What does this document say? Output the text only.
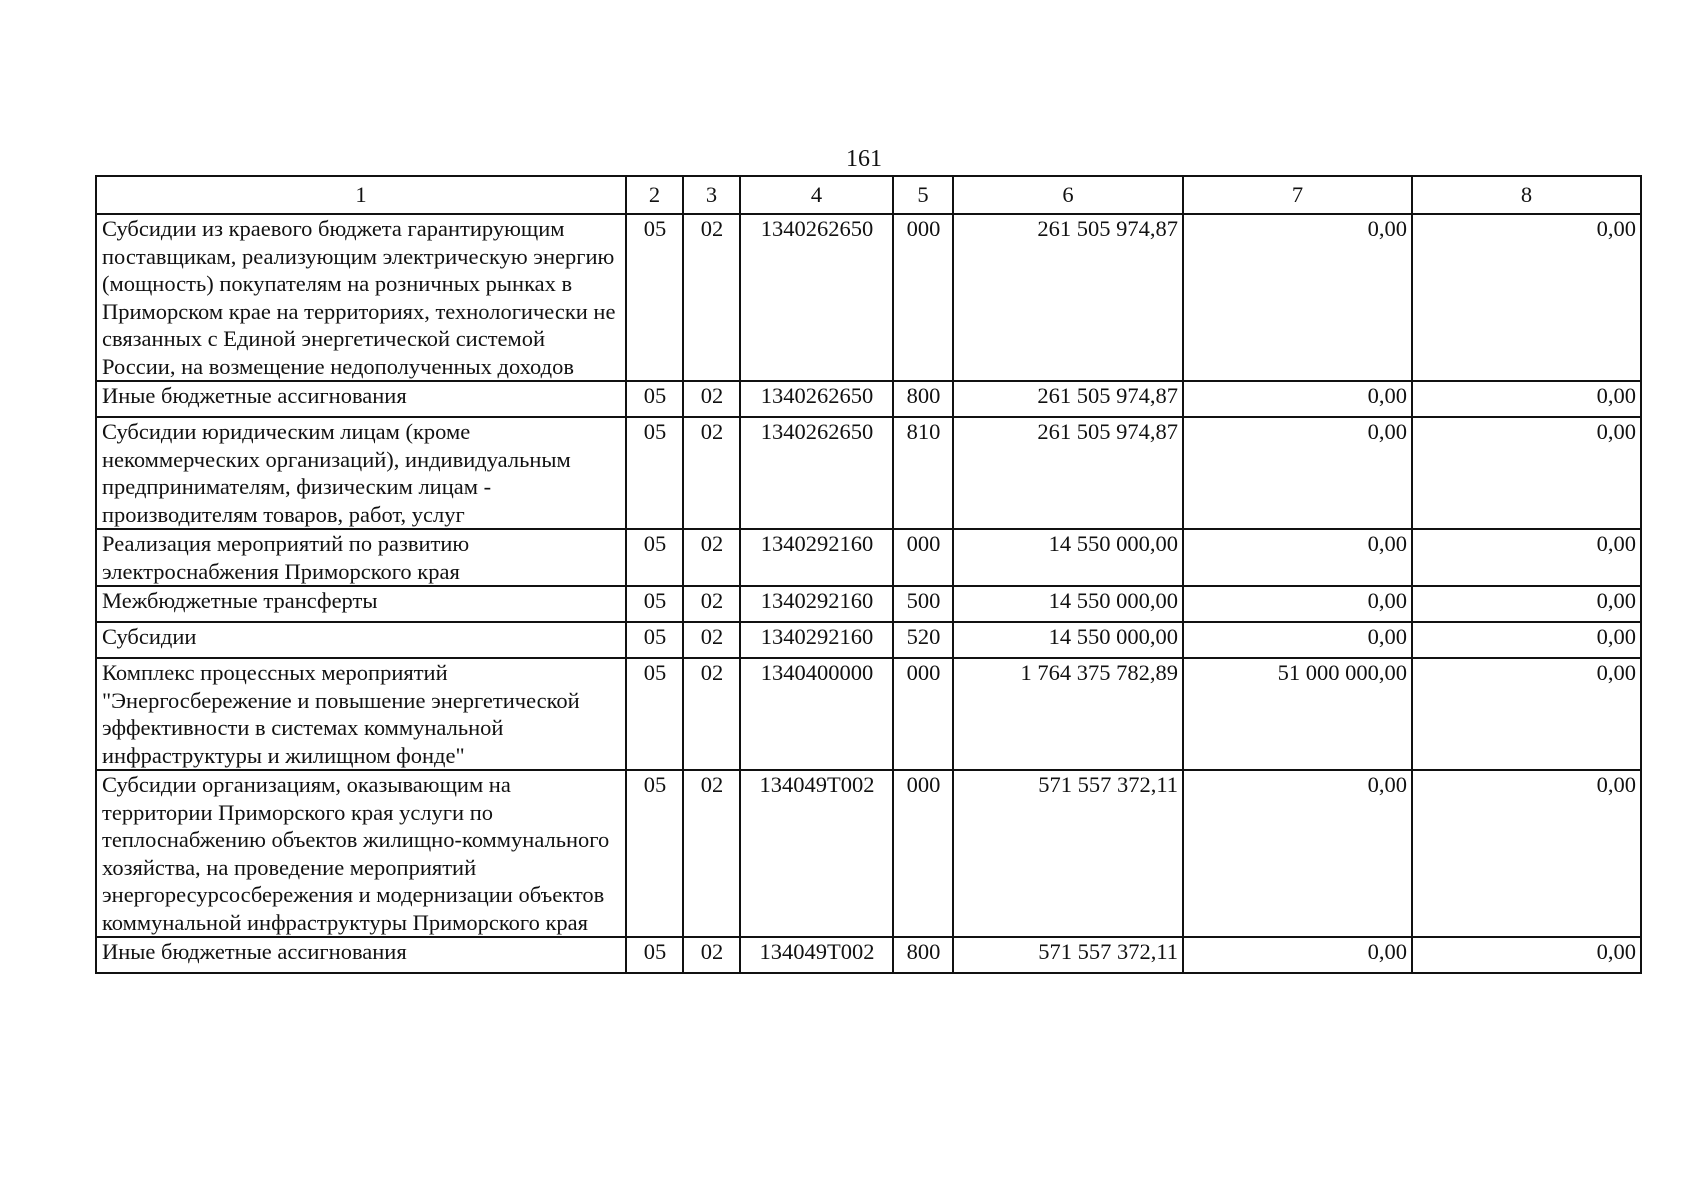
161
1	2	3	4	5	6	7	8
Субсидии из краевого бюджета гарантирующим поставщикам, реализующим электрическую энергию (мощность) покупателям на розничных рынках в Приморском крае на территориях, технологически не связанных с Единой энергетической системой России, на возмещение недополученных доходов	05	02	1340262650	000	261 505 974,87	0,00	0,00
Иные бюджетные ассигнования	05	02	1340262650	800	261 505 974,87	0,00	0,00
Субсидии юридическим лицам (кроме некоммерческих организаций), индивидуальным предпринимателям, физическим лицам - производителям товаров, работ, услуг	05	02	1340262650	810	261 505 974,87	0,00	0,00
Реализация мероприятий по развитию электроснабжения Приморского края	05	02	1340292160	000	14 550 000,00	0,00	0,00
Межбюджетные трансферты	05	02	1340292160	500	14 550 000,00	0,00	0,00
Субсидии	05	02	1340292160	520	14 550 000,00	0,00	0,00
Комплекс процессных мероприятий "Энергосбережение и повышение энергетической эффективности в системах коммунальной инфраструктуры и жилищном фонде"	05	02	1340400000	000	1 764 375 782,89	51 000 000,00	0,00
Субсидии организациям, оказывающим на территории Приморского края услуги по теплоснабжению объектов жилищно-коммунального хозяйства, на проведение мероприятий энергоресурсосбережения и модернизации объектов коммунальной инфраструктуры Приморского края	05	02	134049Т002	000	571 557 372,11	0,00	0,00
Иные бюджетные ассигнования	05	02	134049Т002	800	571 557 372,11	0,00	0,00
